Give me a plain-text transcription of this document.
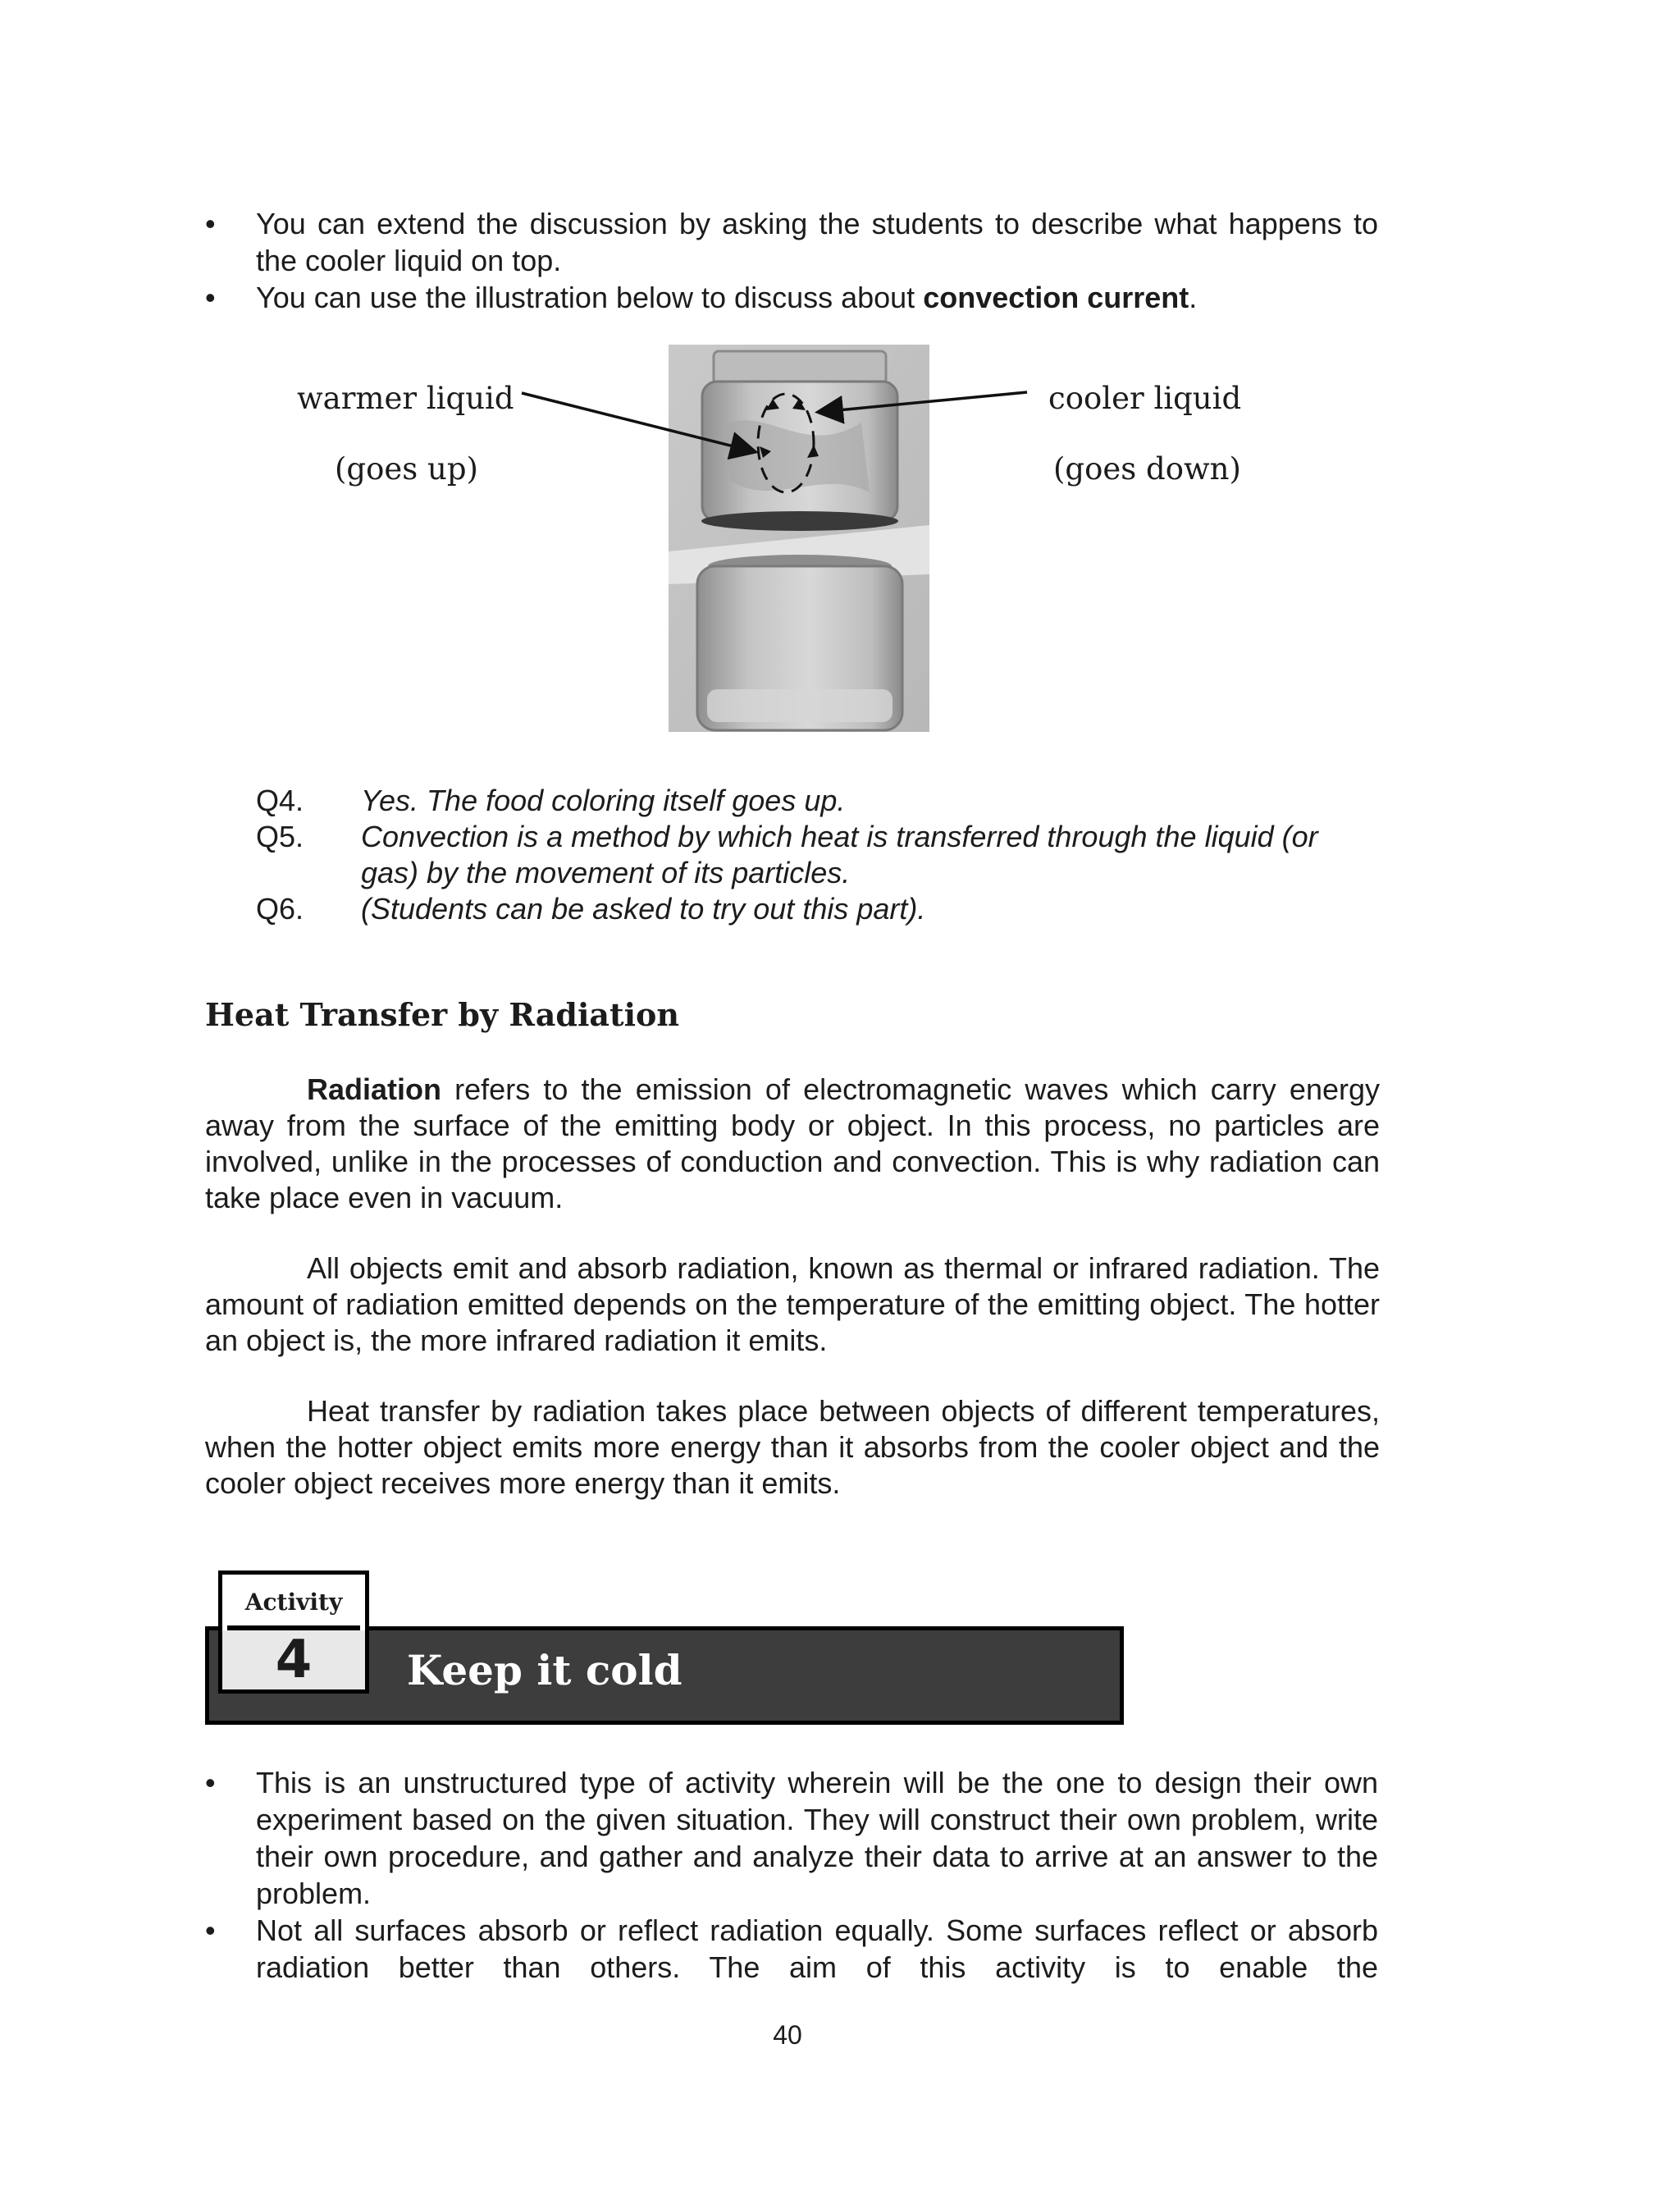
• You can extend the discussion by asking the students to describe what happens to the cooler liquid on top.
• You can use the illustration below to discuss about convection current.
warmer liquid
(goes up)
cooler liquid
(goes down)
Q4.	Yes. The food coloring itself goes up.
Q5.	Convection is a method by which heat is transferred through the liquid (or gas) by the movement of its particles.
Q6.	(Students can be asked to try out this part).
Heat Transfer by Radiation
Radiation refers to the emission of electromagnetic waves which carry energy away from the surface of the emitting body or object. In this process, no particles are involved, unlike in the processes of conduction and convection. This is why radiation can take place even in vacuum.
All objects emit and absorb radiation, known as thermal or infrared radiation. The amount of radiation emitted depends on the temperature of the emitting object. The hotter an object is, the more infrared radiation it emits.
Heat transfer by radiation takes place between objects of different temperatures, when the hotter object emits more energy than it absorbs from the cooler object and the cooler object receives more energy than it emits.
Activity
4	Keep it cold
• This is an unstructured type of activity wherein will be the one to design their own experiment based on the given situation. They will construct their own problem, write their own procedure, and gather and analyze their data to arrive at an answer to the problem.
• Not all surfaces absorb or reflect radiation equally. Some surfaces reflect or absorb radiation better than others. The aim of this activity is to enable the
40
